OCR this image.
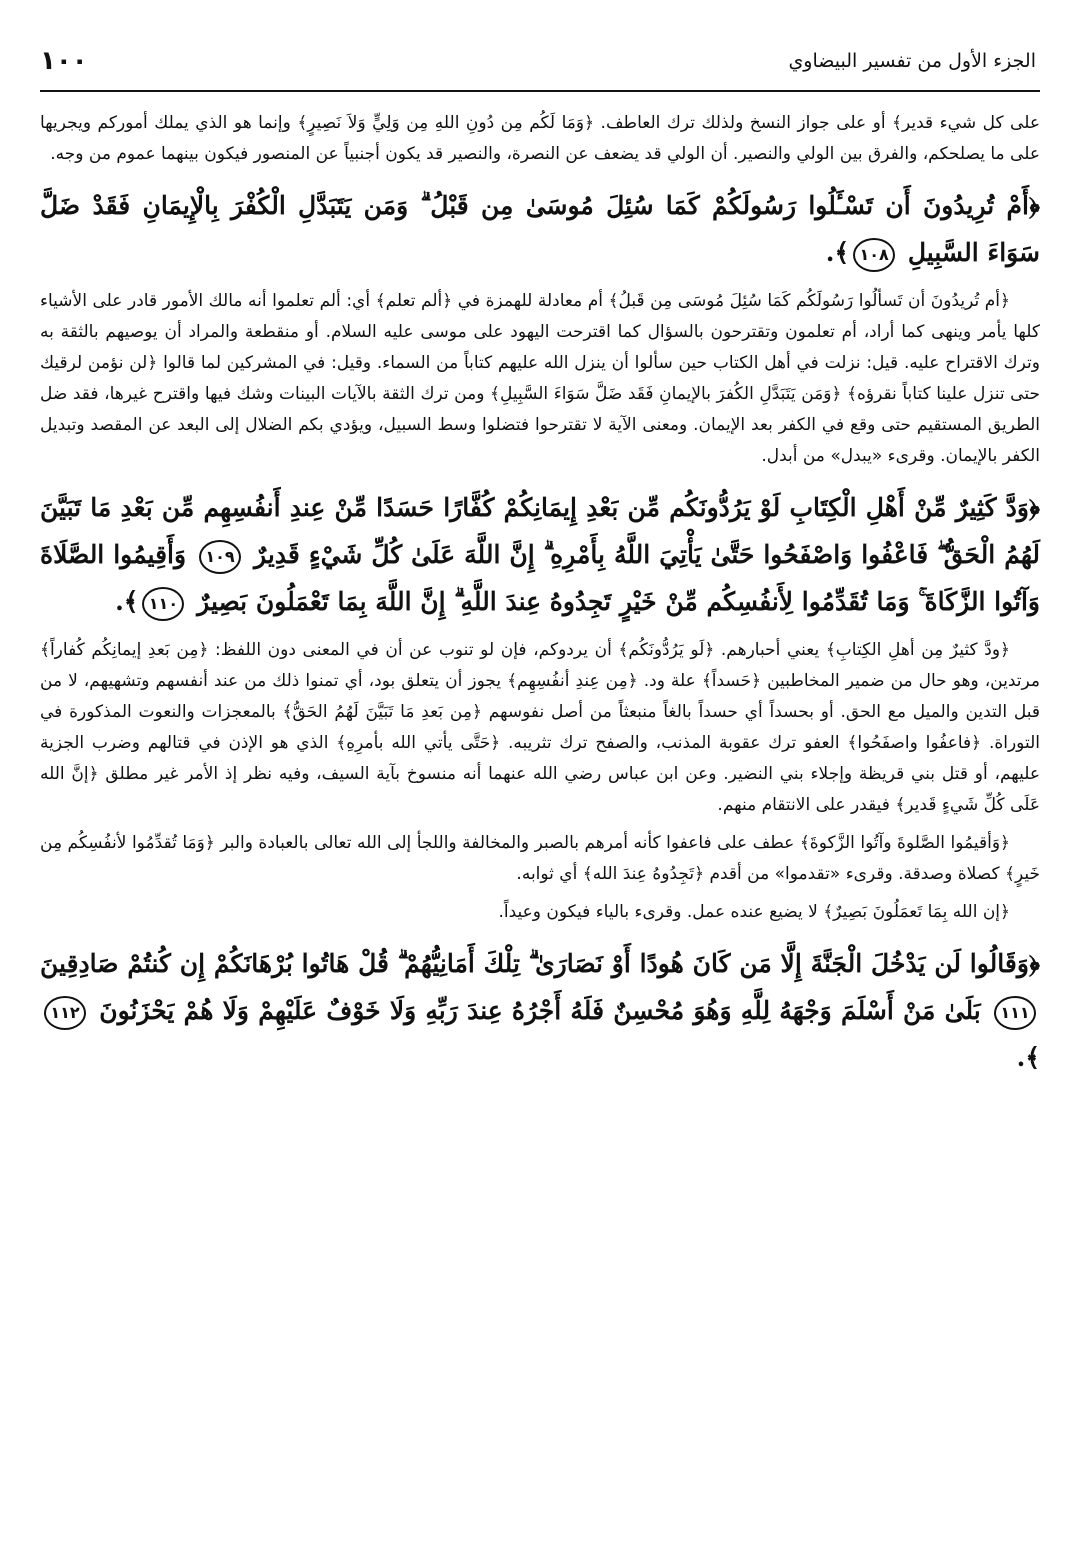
١٠٠	الجزء الأول من تفسير البيضاوي

على كل شيء قدير﴾ أو على جواز النسخ ولذلك ترك العاطف. ﴿وَمَا لَكُم مِن دُونِ اللهِ مِن وَلِيٍّ وَلاَ نَصِيرٍ﴾ وإنما هو الذي يملك أموركم ويجريها على ما يصلحكم، والفرق بين الولي والنصير. أن الولي قد يضعف عن النصرة، والنصير قد يكون أجنبياً عن المنصور فيكون بينهما عموم من وجه.

﴿أَمْ تُرِيدُونَ أَن تَسْـَٔلُوا رَسُولَكُمْ كَمَا سُئِلَ مُوسَىٰ مِن قَبْلُ ۗ وَمَن يَتَبَدَّلِ الْكُفْرَ بِالْإِيمَانِ فَقَدْ ضَلَّ سَوَاءَ السَّبِيلِ ١٠٨﴾.

﴿أم تُريدُونَ أن تَسألُوا رَسُولَكُم كَمَا سُئِلَ مُوسَى مِن قَبلُ﴾ أم معادلة للهمزة في ﴿ألم تعلم﴾ أي: ألم تعلموا أنه مالك الأمور قادر على الأشياء كلها يأمر وينهى كما أراد، أم تعلمون وتقترحون بالسؤال كما اقترحت اليهود على موسى عليه السلام. أو منقطعة والمراد أن يوصيهم بالثقة به وترك الاقتراح عليه. قيل: نزلت في أهل الكتاب حين سألوا أن ينزل الله عليهم كتاباً من السماء. وقيل: في المشركين لما قالوا ﴿لن نؤمن لرقيك حتى تنزل علينا كتاباً نقرؤه﴾ ﴿وَمَن يَتَبَدَّلِ الكُفرَ بالإيمانِ فَقَد ضَلَّ سَوَاءَ السَّبِيلِ﴾ ومن ترك الثقة بالآيات البينات وشك فيها واقترح غيرها، فقد ضل الطريق المستقيم حتى وقع في الكفر بعد الإيمان. ومعنى الآية لا تقترحوا فتضلوا وسط السبيل، ويؤدي بكم الضلال إلى البعد عن المقصد وتبديل الكفر بالإيمان. وقرىء «يبدل» من أبدل.

﴿وَدَّ كَثِيرٌ مِّنْ أَهْلِ الْكِتَابِ لَوْ يَرُدُّونَكُم مِّن بَعْدِ إِيمَانِكُمْ كُفَّارًا حَسَدًا مِّنْ عِندِ أَنفُسِهِم مِّن بَعْدِ مَا تَبَيَّنَ لَهُمُ الْحَقُّ ۖ فَاعْفُوا وَاصْفَحُوا حَتَّىٰ يَأْتِيَ اللَّهُ بِأَمْرِهِ ۗ إِنَّ اللَّهَ عَلَىٰ كُلِّ شَيْءٍ قَدِيرٌ ١٠٩ وَأَقِيمُوا الصَّلَاةَ وَآتُوا الزَّكَاةَ ۚ وَمَا تُقَدِّمُوا لِأَنفُسِكُم مِّنْ خَيْرٍ تَجِدُوهُ عِندَ اللَّهِ ۗ إِنَّ اللَّهَ بِمَا تَعْمَلُونَ بَصِيرٌ ١١٠﴾.

﴿ودَّ كثيرٌ مِن أهلِ الكِتابِ﴾ يعني أحبارهم. ﴿لَو يَرُدُّونَكُم﴾ أن يردوكم، فإن لو تنوب عن أن في المعنى دون اللفظ: ﴿مِن بَعدِ إيمانِكُم كُفاراً﴾ مرتدين، وهو حال من ضمير المخاطبين ﴿حَسداً﴾ علة ود. ﴿مِن عِندِ أنفُسِهِم﴾ يجوز أن يتعلق بود، أي تمنوا ذلك من عند أنفسهم وتشهيهم، لا من قبل التدين والميل مع الحق. أو بحسداً أي حسداً بالغاً منبعثاً من أصل نفوسهم ﴿مِن بَعدِ مَا تَبَيَّنَ لَهُمُ الحَقُّ﴾ بالمعجزات والنعوت المذكورة في التوراة. ﴿فاعفُوا واصفَحُوا﴾ العفو ترك عقوبة المذنب، والصفح ترك تثريبه. ﴿حَتَّى يأتي الله بأمرِهِ﴾ الذي هو الإذن في قتالهم وضرب الجزية عليهم، أو قتل بني قريظة وإجلاء بني النضير. وعن ابن عباس رضي الله عنهما أنه منسوخ بآية السيف، وفيه نظر إذ الأمر غير مطلق ﴿إنَّ الله عَلَى كُلِّ شَيءٍ قَدير﴾ فيقدر على الانتقام منهم.

﴿وَأقيمُوا الصَّلوةَ وآتُوا الزَّكوةَ﴾ عطف على فاعفوا كأنه أمرهم بالصبر والمخالفة واللجأ إلى الله تعالى بالعبادة والبر ﴿وَمَا تُقدِّمُوا لأنفُسِكُم مِن خَيرٍ﴾ كصلاة وصدقة. وقرىء «تقدموا» من أقدم ﴿تَجِدُوهُ عِندَ الله﴾ أي ثوابه.

﴿إن الله بِمَا تَعمَلُونَ بَصِيرٌ﴾ لا يضيع عنده عمل. وقرىء بالياء فيكون وعيداً.

﴿وَقَالُوا لَن يَدْخُلَ الْجَنَّةَ إِلَّا مَن كَانَ هُودًا أَوْ نَصَارَىٰ ۗ تِلْكَ أَمَانِيُّهُمْ ۗ قُلْ هَاتُوا بُرْهَانَكُمْ إِن كُنتُمْ صَادِقِينَ ١١١ بَلَىٰ مَنْ أَسْلَمَ وَجْهَهُ لِلَّهِ وَهُوَ مُحْسِنٌ فَلَهُ أَجْرُهُ عِندَ رَبِّهِ وَلَا خَوْفٌ عَلَيْهِمْ وَلَا هُمْ يَحْزَنُونَ ١١٢﴾.
